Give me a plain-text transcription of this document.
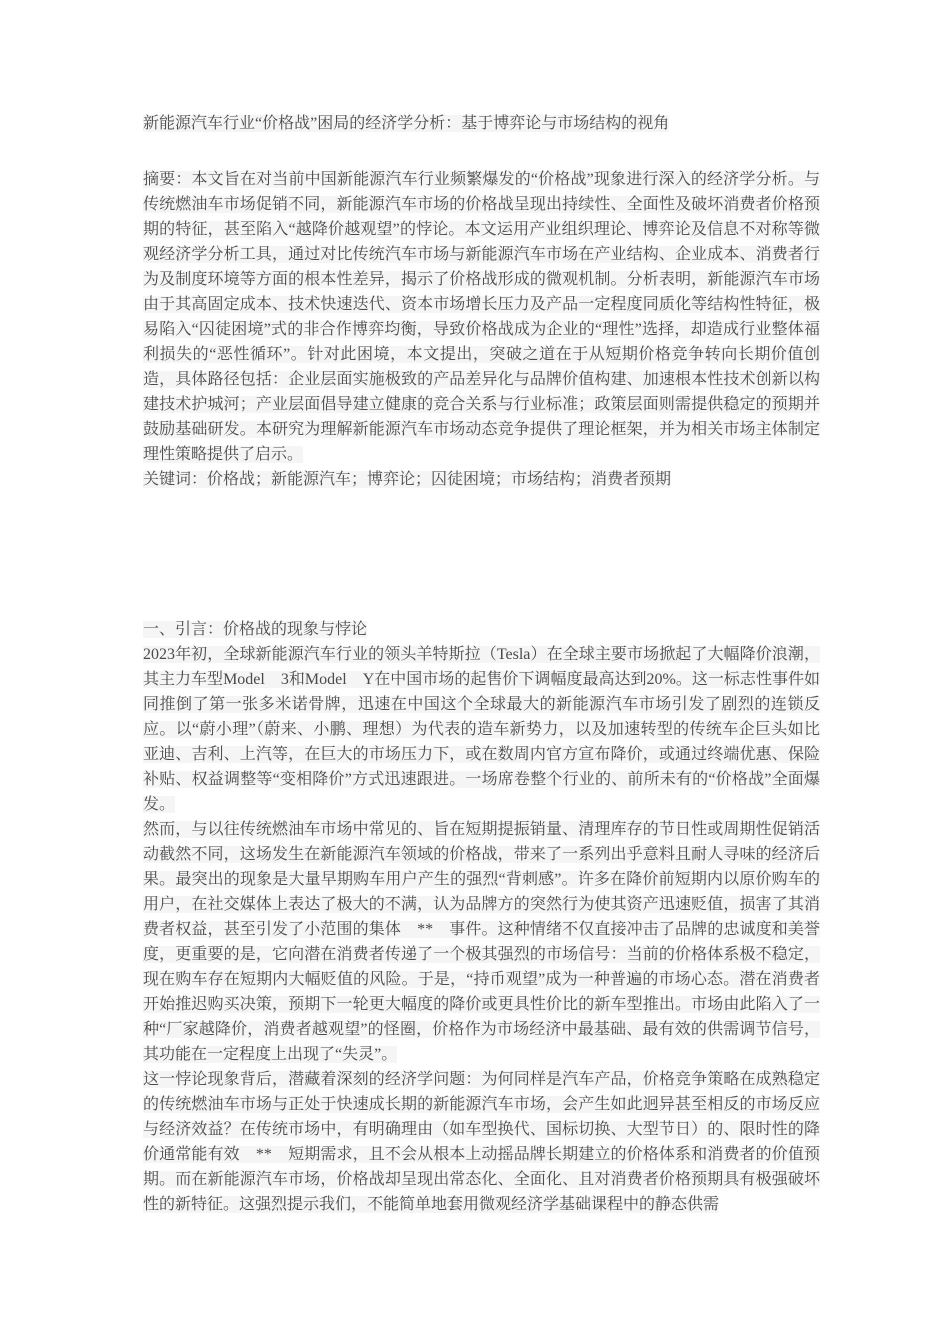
新能源汽车行业“价格战”困局的经济学分析：基于博弈论与市场结构的视角

摘要：本文旨在对当前中国新能源汽车行业频繁爆发的“价格战”现象进行深入的经济学分析。与传统燃油车市场促销不同，新能源汽车市场的价格战呈现出持续性、全面性及破坏消费者价格预期的特征，甚至陷入“越降价越观望”的悖论。本文运用产业组织理论、博弈论及信息不对称等微观经济学分析工具，通过对比传统汽车市场与新能源汽车市场在产业结构、企业成本、消费者行为及制度环境等方面的根本性差异，揭示了价格战形成的微观机制。分析表明，新能源汽车市场由于其高固定成本、技术快速迭代、资本市场增长压力及产品一定程度同质化等结构性特征，极易陷入“囚徒困境”式的非合作博弈均衡，导致价格战成为企业的“理性”选择，却造成行业整体福利损失的“恶性循环”。针对此困境，本文提出，突破之道在于从短期价格竞争转向长期价值创造，具体路径包括：企业层面实施极致的产品差异化与品牌价值构建、加速根本性技术创新以构建技术护城河；产业层面倡导建立健康的竞合关系与行业标准；政策层面则需提供稳定的预期并鼓励基础研发。本研究为理解新能源汽车市场动态竞争提供了理论框架，并为相关市场主体制定理性策略提供了启示。

关键词：价格战；新能源汽车；博弈论；囚徒困境；市场结构；消费者预期

一、引言：价格战的现象与悖论

2023年初，全球新能源汽车行业的领头羊特斯拉（Tesla）在全球主要市场掀起了大幅降价浪潮，其主力车型Model　3和Model　Y在中国市场的起售价下调幅度最高达到20%。这一标志性事件如同推倒了第一张多米诺骨牌，迅速在中国这个全球最大的新能源汽车市场引发了剧烈的连锁反应。以“蔚小理”（蔚来、小鹏、理想）为代表的造车新势力，以及加速转型的传统车企巨头如比亚迪、吉利、上汽等，在巨大的市场压力下，或在数周内官方宣布降价，或通过终端优惠、保险补贴、权益调整等“变相降价”方式迅速跟进。一场席卷整个行业的、前所未有的“价格战”全面爆发。

然而，与以往传统燃油车市场中常见的、旨在短期提振销量、清理库存的节日性或周期性促销活动截然不同，这场发生在新能源汽车领域的价格战，带来了一系列出乎意料且耐人寻味的经济后果。最突出的现象是大量早期购车用户产生的强烈“背刺感”。许多在降价前短期内以原价购车的用户，在社交媒体上表达了极大的不满，认为品牌方的突然行为使其资产迅速贬值，损害了其消费者权益，甚至引发了小范围的集体　**　事件。这种情绪不仅直接冲击了品牌的忠诚度和美誉度，更重要的是，它向潜在消费者传递了一个极其强烈的市场信号：当前的价格体系极不稳定，现在购车存在短期内大幅贬值的风险。于是，“持币观望”成为一种普遍的市场心态。潜在消费者开始推迟购买决策，预期下一轮更大幅度的降价或更具性价比的新车型推出。市场由此陷入了一种“厂家越降价，消费者越观望”的怪圈，价格作为市场经济中最基础、最有效的供需调节信号，其功能在一定程度上出现了“失灵”。

这一悖论现象背后，潜藏着深刻的经济学问题：为何同样是汽车产品，价格竞争策略在成熟稳定的传统燃油车市场与正处于快速成长期的新能源汽车市场，会产生如此迥异甚至相反的市场反应与经济效益？在传统市场中，有明确理由（如车型换代、国标切换、大型节日）的、限时性的降价通常能有效　**　短期需求，且不会从根本上动摇品牌长期建立的价格体系和消费者的价值预期。而在新能源汽车市场，价格战却呈现出常态化、全面化、且对消费者价格预期具有极强破坏性的新特征。这强烈提示我们，不能简单地套用微观经济学基础课程中的静态供需
